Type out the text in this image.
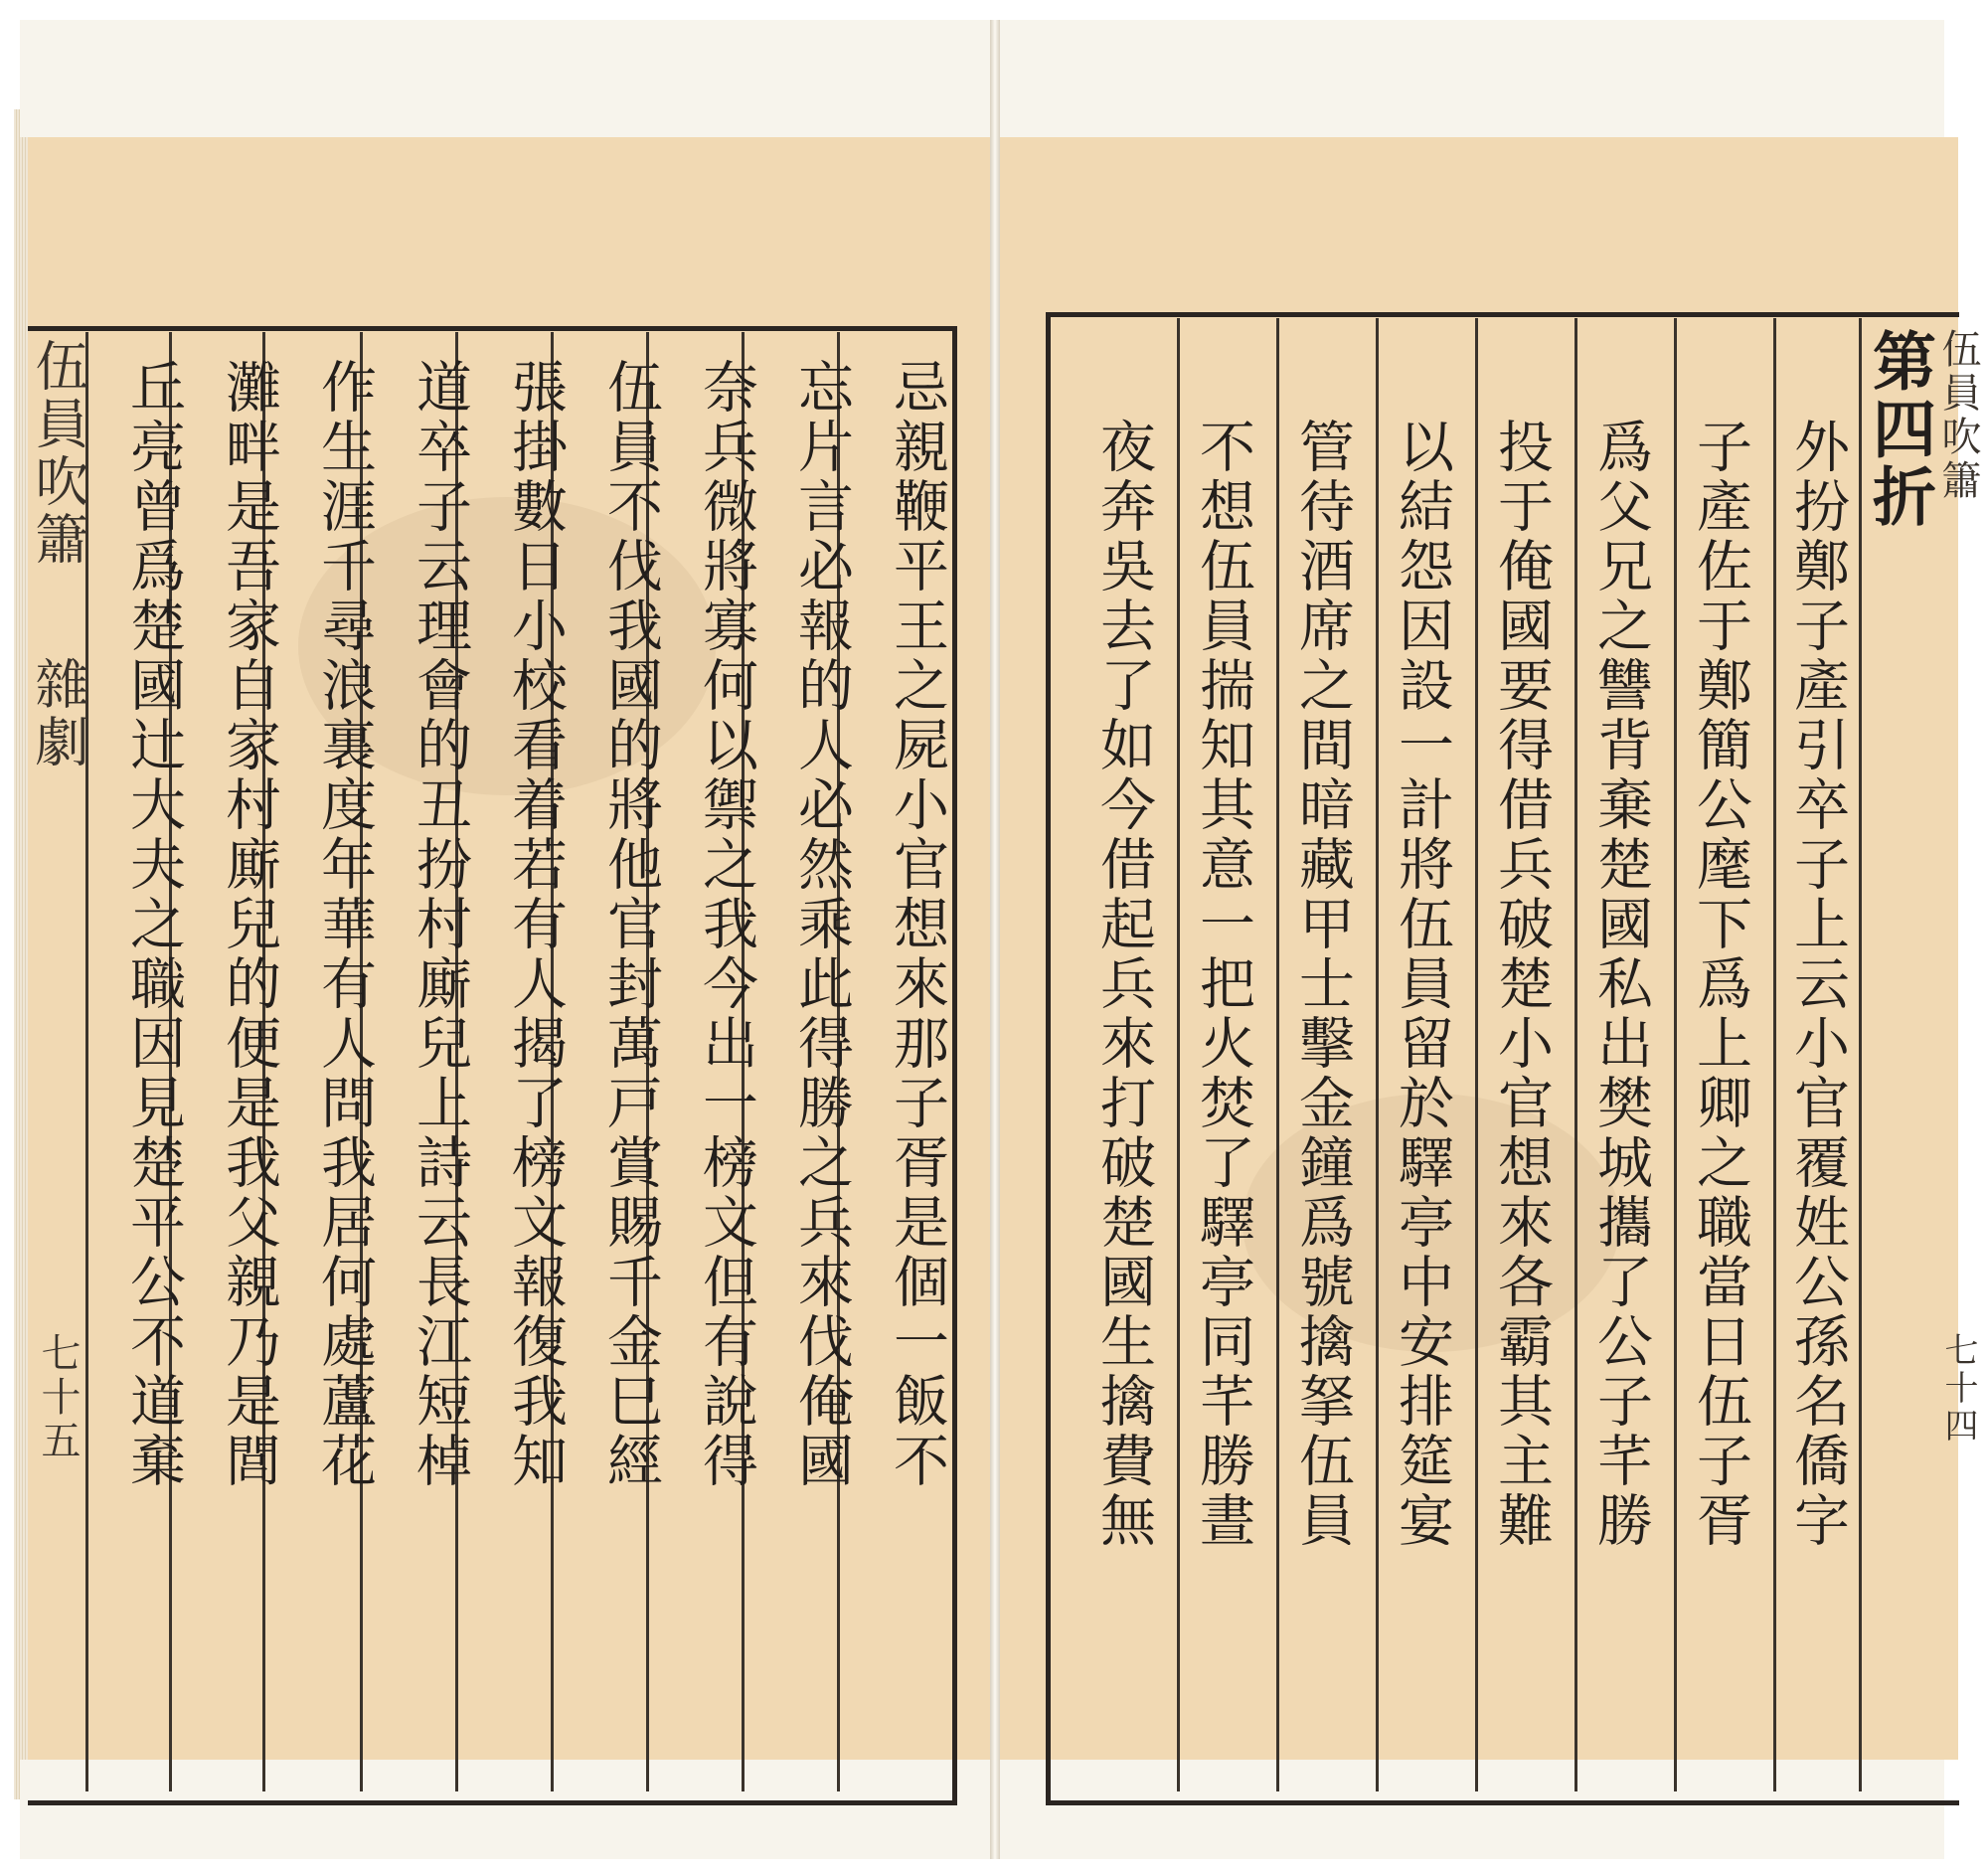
伍員吹簫
雜劇
七十五	忌親鞭平王之屍小官想來那子胥是個一飯不
忘片言必報的人必然乘此得勝之兵來伐俺國
奈兵微將寡何以禦之我今出一榜文但有說得
伍員不伐我國的將他官封萬戸賞賜千金巳經
張掛數日小校看着若有人揭了榜文報復我知
道卒子云理會的丑扮村廝兒上詩云長江短棹
作生涯千尋浪裏度年華有人問我居何處蘆花
灘畔是吾家自家村廝兒的便是我父親乃是閭
丘亮曾爲楚國辻大夫之職因見楚平公不道棄	第四折
外扮鄭子產引卒子上云小官覆姓公孫名僑字
子產佐于鄭簡公麾下爲上卿之職當日伍子胥
爲父兄之讐背棄楚國私出樊城攜了公子芊勝
投于俺國要得借兵破楚小官想來各霸其主難
以結怨因設一計將伍員留於驛亭中安排筵宴
管待酒席之間暗藏甲士擊金鐘爲號擒拏伍員
不想伍員揣知其意一把火焚了驛亭同芊勝晝
夜奔吳去了如今借起兵來打破楚國生擒費無
伍員吹簫
七十四
